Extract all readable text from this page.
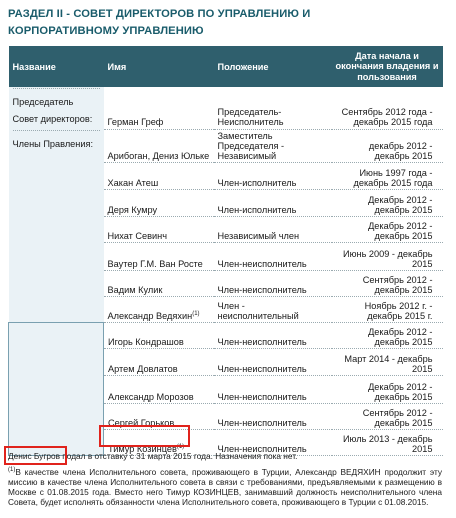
РАЗДЕЛ II - СОВЕТ ДИРЕКТОРОВ ПО УПРАВЛЕНИЮ И
КОРПОРАТИВНОМУ УПРАВЛЕНИЮ
Название	Имя	Положение	Дата начала и окончания владения и пользования

Председатель
Совет директоров:	Герман Греф	Председатель-Неисполнитель	Сентябрь 2012 года - декабрь 2015 года

Члены Правления:	Арибоган, Дениз Юльке	Заместитель Председателя - Независимый	декабрь 2012 - декабрь 2015
	Хакан Атеш	Член-исполнитель	Июнь 1997 года - декабрь 2015 года
	Деря Кумру	Член-исполнитель	Декабрь 2012 - декабрь 2015
	Нихат Севинч	Независимый член	Декабрь 2012 - декабрь 2015
	Ваутер Г.М. Ван Росте	Член-неисполнитель	Июнь 2009 - декабрь 2015
	Вадим Кулик	Член-неисполнитель	Сентябрь 2012 - декабрь 2015
	Александр Ведяхин$^{(1)}$	Член - неисполнительный	Ноябрь 2012 г. - декабрь 2015 г.
	Игорь Кондрашов	Член-неисполнитель	Декабрь 2012 - декабрь 2015
	Артем Довлатов	Член-неисполнитель	Март 2014 - декабрь 2015
	Александр Морозов	Член-неисполнитель	Декабрь 2012 - декабрь 2015
	Сергей Горьков	Член-неисполнитель	Сентябрь 2012 - декабрь 2015
	Тимур Козинцев$^{(1)}$	Член-неисполнитель	Июль 2013 - декабрь 2015
Денис Бугров подал в отставку с 31 марта 2015 года. Назначения пока нет.
$^{(1)}$В качестве члена Исполнительного совета, проживающего в Турции, Александр ВЕДЯХИН продолжит эту миссию в качестве члена Исполнительного совета в связи с требованиями, предъявляемыми к размещению в Москве с 01.08.2015 года. Вместо него Тимур КОЗИНЦЕВ, занимавший должность неисполнительного члена Совета, будет исполнять обязанности члена Исполнительного совета, проживающего в Турции с 01.08.2015.
